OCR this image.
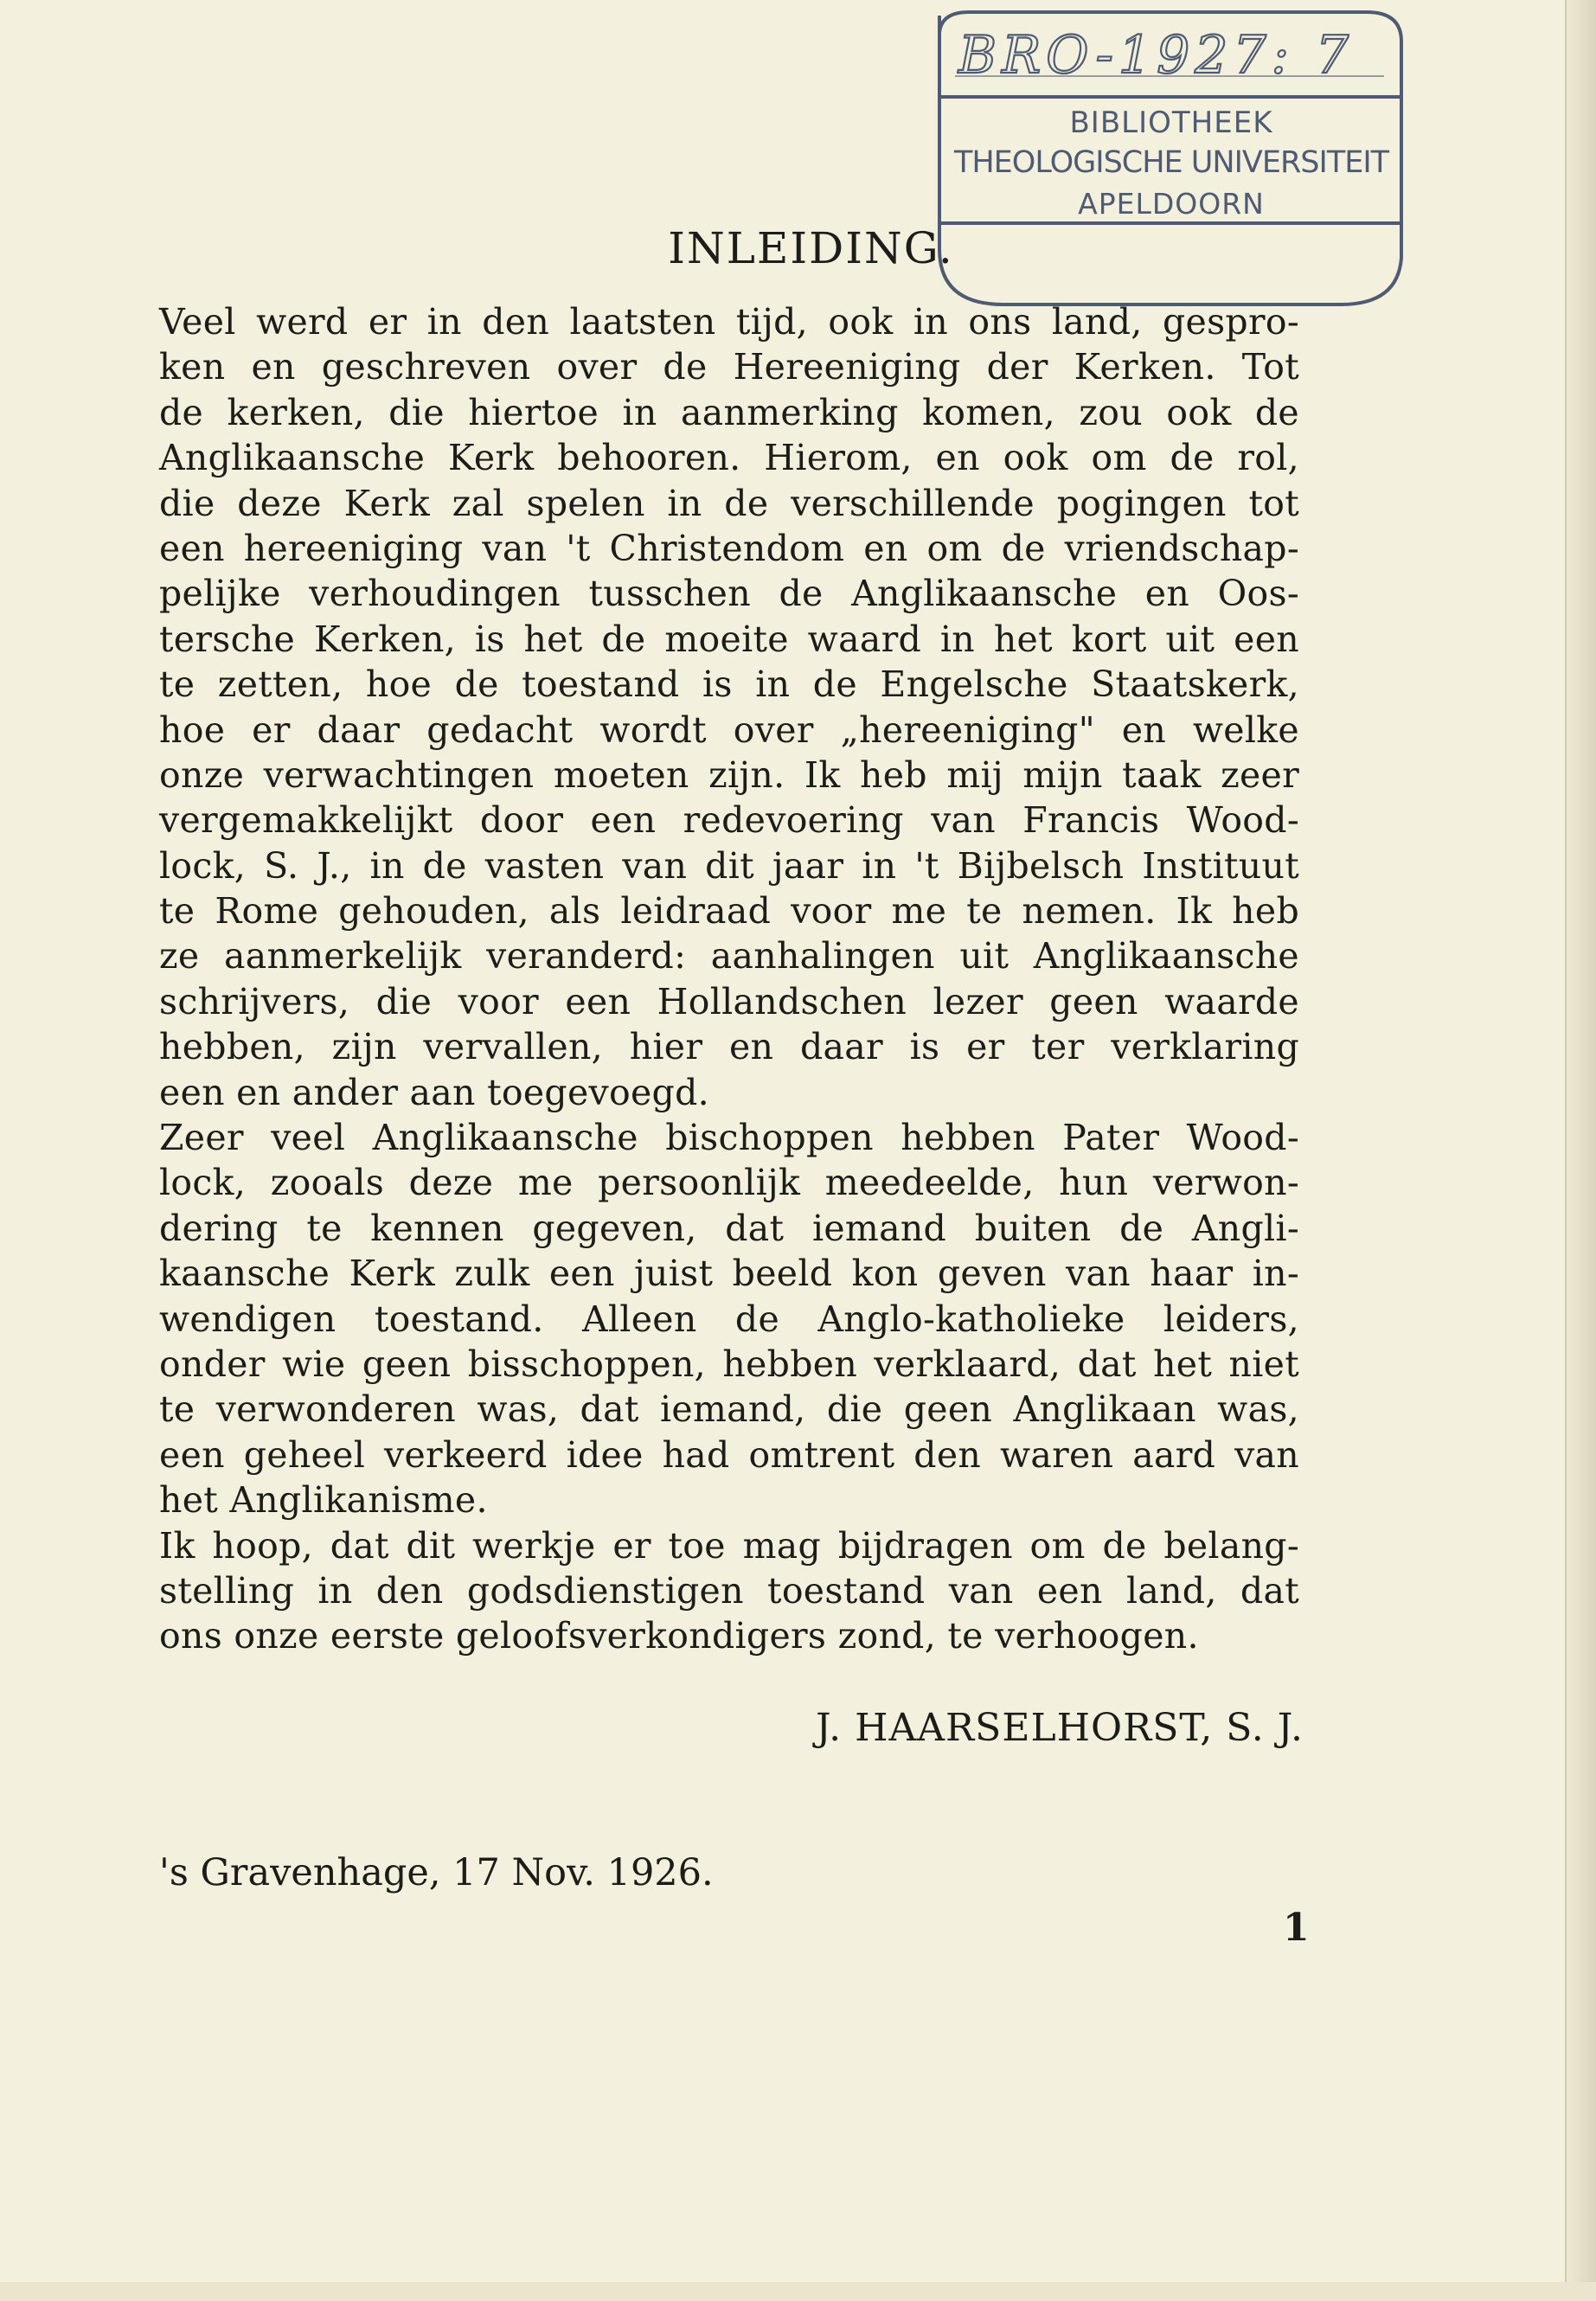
BRO-1927: 7
BIBLIOTHEEK
THEOLOGISCHE UNIVERSITEIT
APELDOORN
INLEIDING.
Veel werd er in den laatsten tijd, ook in ons land, gespro-
ken en geschreven over de Hereeniging der Kerken. Tot
de kerken, die hiertoe in aanmerking komen, zou ook de
Anglikaansche Kerk behooren. Hierom, en ook om de rol,
die deze Kerk zal spelen in de verschillende pogingen tot
een hereeniging van 't Christendom en om de vriendschap-
pelijke verhoudingen tusschen de Anglikaansche en Oos-
tersche Kerken, is het de moeite waard in het kort uit een
te zetten, hoe de toestand is in de Engelsche Staatskerk,
hoe er daar gedacht wordt over „hereeniging" en welke
onze verwachtingen moeten zijn. Ik heb mij mijn taak zeer
vergemakkelijkt door een redevoering van Francis Wood-
lock, S. J., in de vasten van dit jaar in 't Bijbelsch Instituut
te Rome gehouden, als leidraad voor me te nemen. Ik heb
ze aanmerkelijk veranderd: aanhalingen uit Anglikaansche
schrijvers, die voor een Hollandschen lezer geen waarde
hebben, zijn vervallen, hier en daar is er ter verklaring
een en ander aan toegevoegd.
Zeer veel Anglikaansche bischoppen hebben Pater Wood-
lock, zooals deze me persoonlijk meedeelde, hun verwon-
dering te kennen gegeven, dat iemand buiten de Angli-
kaansche Kerk zulk een juist beeld kon geven van haar in-
wendigen toestand. Alleen de Anglo-katholieke leiders,
onder wie geen bisschoppen, hebben verklaard, dat het niet
te verwonderen was, dat iemand, die geen Anglikaan was,
een geheel verkeerd idee had omtrent den waren aard van
het Anglikanisme.
Ik hoop, dat dit werkje er toe mag bijdragen om de belang-
stelling in den godsdienstigen toestand van een land, dat
ons onze eerste geloofsverkondigers zond, te verhoogen.
J. HAARSELHORST, S. J.
's Gravenhage, 17 Nov. 1926.
1
